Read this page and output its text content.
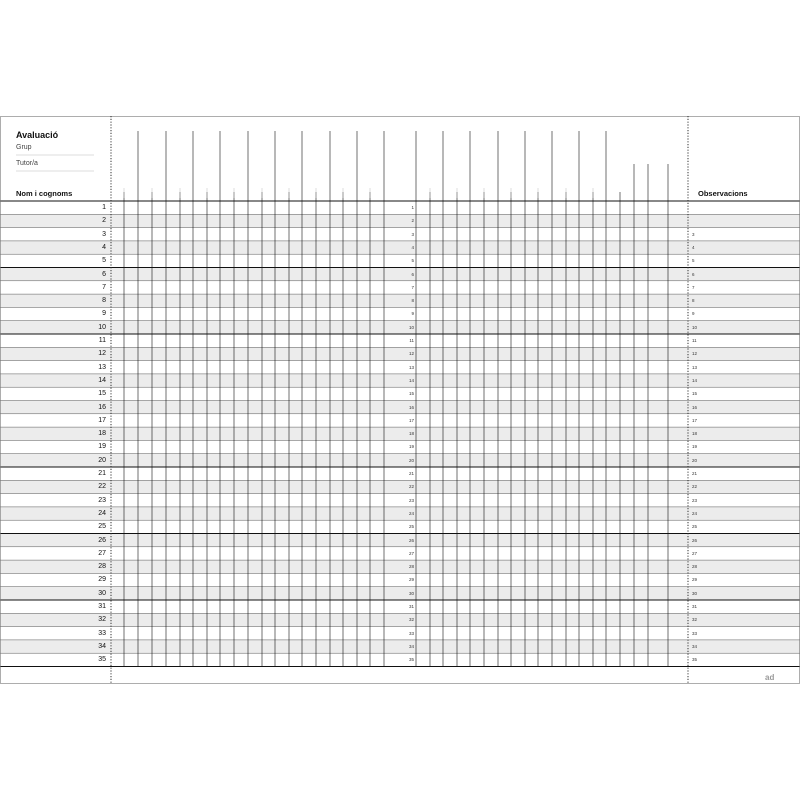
Avaluació
Grup
Tutor/a
Nom i cognoms	Observacions
ad
1
2
3
4
5
6
7
8
9
10
11
12
13
14
15
16
17
18
19
20
21
22
23
24
25
26
27
28
29
30
31
32
33
34
35
1
2
3
4
5
6
7
8
9
10
11
12
13
14
15
16
17
18
19
20
21
22
23
24
25
26
27
28
29
30
31
32
33
34
35
3
4
5
6
7
8
9
10
11
12
13
14
15
16
17
18
19
20
21
22
23
24
25
26
27
28
29
30
31
32
33
34
35
